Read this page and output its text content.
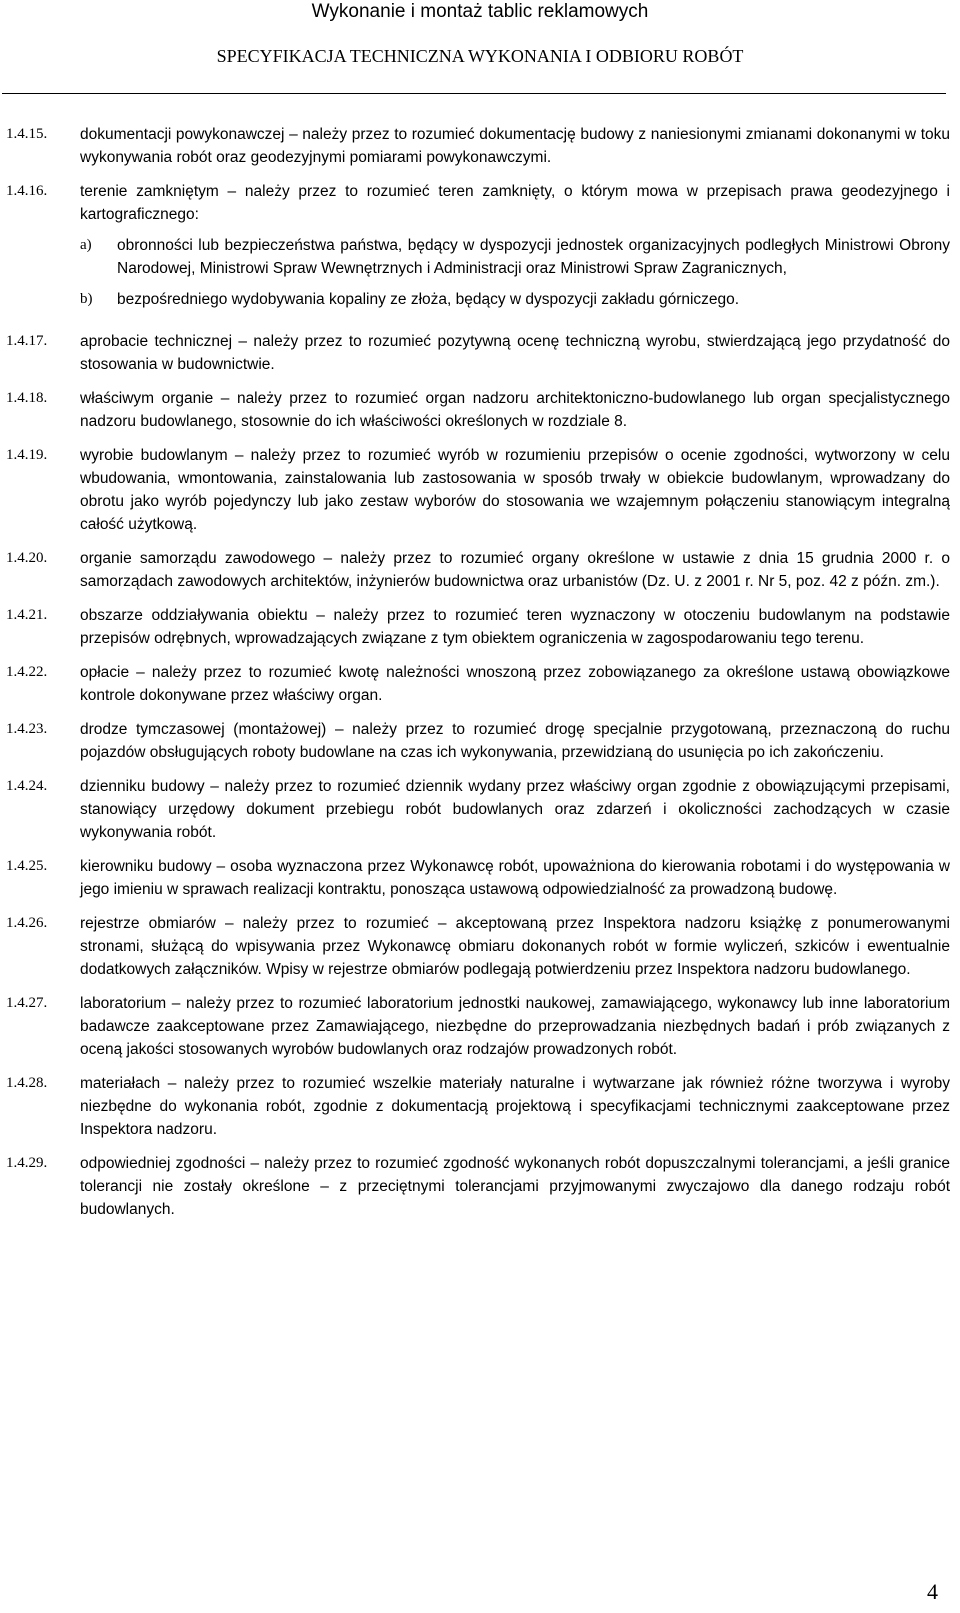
Wykonanie i montaż tablic reklamowych
SPECYFIKACJA TECHNICZNA WYKONANIA I ODBIORU ROBÓT
1.4.15.	dokumentacji powykonawczej – należy przez to rozumieć dokumentację budowy z naniesionymi zmianami dokonanymi w toku wykonywania robót oraz geodezyjnymi pomiarami powykonawczymi.
1.4.16.	terenie zamkniętym – należy przez to rozumieć teren zamknięty, o którym mowa w przepisach prawa geodezyjnego i kartograficznego:
a)	obronności lub bezpieczeństwa państwa, będący w dyspozycji jednostek organizacyjnych podległych Ministrowi Obrony Narodowej, Ministrowi Spraw Wewnętrznych i Administracji oraz Ministrowi Spraw Zagranicznych,
b)	bezpośredniego wydobywania kopaliny ze złoża, będący w dyspozycji zakładu górniczego.
1.4.17.	aprobacie technicznej – należy przez to rozumieć pozytywną ocenę techniczną wyrobu, stwierdzającą jego przydatność do stosowania w budownictwie.
1.4.18.	właściwym organie – należy przez to rozumieć organ nadzoru architektoniczno-budowlanego lub organ specjalistycznego nadzoru budowlanego, stosownie do ich właściwości określonych w rozdziale 8.
1.4.19.	wyrobie budowlanym – należy przez to rozumieć wyrób w rozumieniu przepisów o ocenie zgodności, wytworzony w celu wbudowania, wmontowania, zainstalowania lub zastosowania w sposób trwały w obiekcie budowlanym, wprowadzany do obrotu jako wyrób pojedynczy lub jako zestaw wyborów do stosowania we wzajemnym połączeniu stanowiącym integralną całość użytkową.
1.4.20.	organie samorządu zawodowego – należy przez to rozumieć organy określone w ustawie z dnia 15 grudnia 2000 r. o samorządach zawodowych architektów, inżynierów budownictwa oraz urbanistów (Dz. U. z 2001 r. Nr 5, poz. 42 z późn. zm.).
1.4.21.	obszarze oddziaływania obiektu – należy przez to rozumieć teren wyznaczony w otoczeniu budowlanym na podstawie przepisów odrębnych, wprowadzających związane z tym obiektem ograniczenia w zagospodarowaniu tego terenu.
1.4.22.	opłacie – należy przez to rozumieć kwotę należności wnoszoną przez zobowiązanego za określone ustawą obowiązkowe kontrole dokonywane przez właściwy organ.
1.4.23.	drodze tymczasowej (montażowej) – należy przez to rozumieć drogę specjalnie przygotowaną, przeznaczoną do ruchu pojazdów obsługujących roboty budowlane na czas ich wykonywania, przewidzianą do usunięcia po ich zakończeniu.
1.4.24.	dzienniku budowy – należy przez to rozumieć dziennik wydany przez właściwy organ zgodnie z obowiązującymi przepisami, stanowiący urzędowy dokument przebiegu robót budowlanych oraz zdarzeń i okoliczności zachodzących w czasie wykonywania robót.
1.4.25.	kierowniku budowy – osoba wyznaczona przez Wykonawcę robót, upoważniona do kierowania robotami i do występowania w jego imieniu w sprawach realizacji kontraktu, ponosząca ustawową odpowiedzialność za prowadzoną budowę.
1.4.26.	rejestrze obmiarów – należy przez to rozumieć – akceptowaną przez Inspektora nadzoru książkę z ponumerowanymi stronami, służącą do wpisywania przez Wykonawcę obmiaru dokonanych robót w formie wyliczeń, szkiców i ewentualnie dodatkowych załączników. Wpisy w rejestrze obmiarów podlegają potwierdzeniu przez Inspektora nadzoru budowlanego.
1.4.27.	laboratorium – należy przez to rozumieć laboratorium jednostki naukowej, zamawiającego, wykonawcy lub inne laboratorium badawcze zaakceptowane przez Zamawiającego, niezbędne do przeprowadzania niezbędnych badań i prób związanych z oceną jakości stosowanych wyrobów budowlanych oraz rodzajów prowadzonych robót.
1.4.28.	materiałach – należy przez to rozumieć wszelkie materiały naturalne i wytwarzane jak również różne tworzywa i wyroby niezbędne do wykonania robót, zgodnie z dokumentacją projektową i specyfikacjami technicznymi zaakceptowane przez Inspektora nadzoru.
1.4.29.	odpowiedniej zgodności – należy przez to rozumieć zgodność wykonanych robót dopuszczalnymi tolerancjami, a jeśli granice tolerancji nie zostały określone – z przeciętnymi tolerancjami przyjmowanymi zwyczajowo dla danego rodzaju robót budowlanych.
4
